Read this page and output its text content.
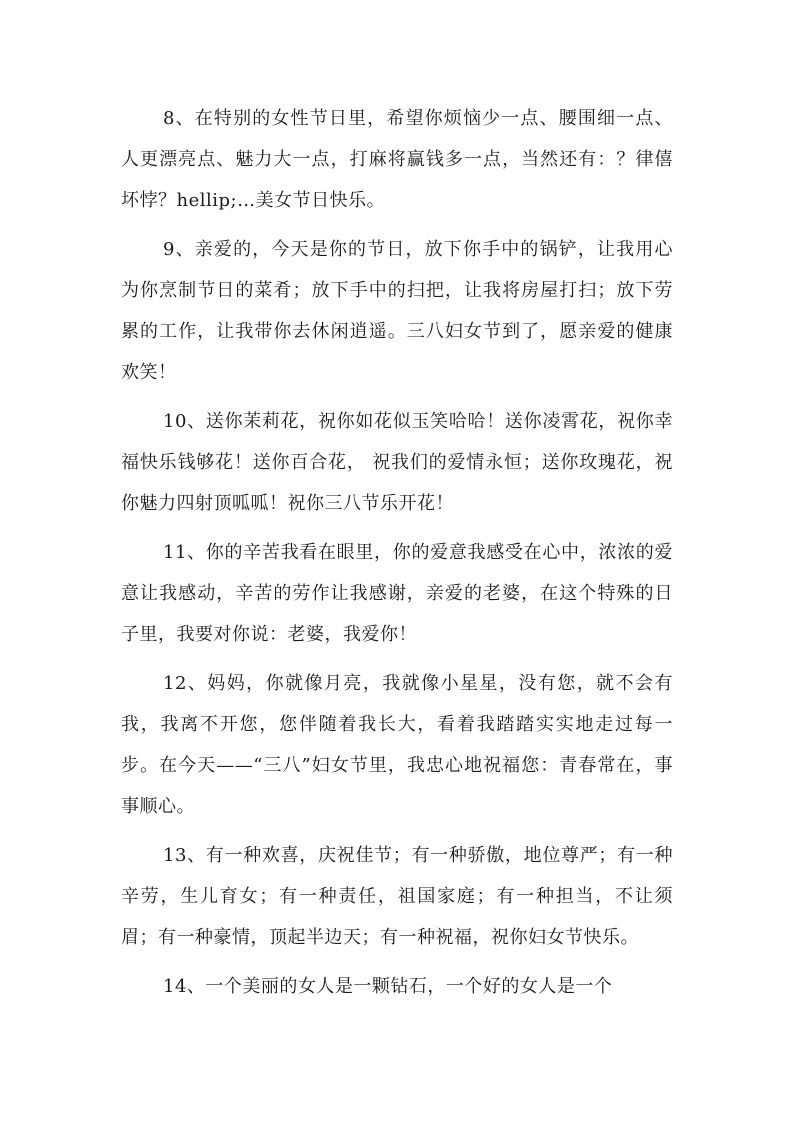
8、在特别的女性节日里，希望你烦恼少一点、腰围细一点、人更漂亮点、魅力大一点，打麻将赢钱多一点，当然还有：？律僖坏悖？hellip;…美女节日快乐。

9、亲爱的，今天是你的节日，放下你手中的锅铲，让我用心为你烹制节日的菜肴；放下手中的扫把，让我将房屋打扫；放下劳累的工作，让我带你去休闲逍遥。三八妇女节到了，愿亲爱的健康欢笑！

10、送你茉莉花，祝你如花似玉笑哈哈！送你凌霄花，祝你幸福快乐钱够花！送你百合花， 祝我们的爱情永恒；送你玫瑰花，祝你魅力四射顶呱呱！祝你三八节乐开花！

11、你的辛苦我看在眼里，你的爱意我感受在心中，浓浓的爱意让我感动，辛苦的劳作让我感谢，亲爱的老婆，在这个特殊的日子里，我要对你说：老婆，我爱你！

12、妈妈，你就像月亮，我就像小星星，没有您，就不会有我，我离不开您，您伴随着我长大，看着我踏踏实实地走过每一步。在今天——“三八”妇女节里，我忠心地祝福您：青春常在，事事顺心。

13、有一种欢喜，庆祝佳节；有一种骄傲，地位尊严；有一种辛劳，生儿育女；有一种责任，祖国家庭；有一种担当，不让须眉；有一种豪情，顶起半边天；有一种祝福，祝你妇女节快乐。

14、一个美丽的女人是一颗钻石，一个好的女人是一个
